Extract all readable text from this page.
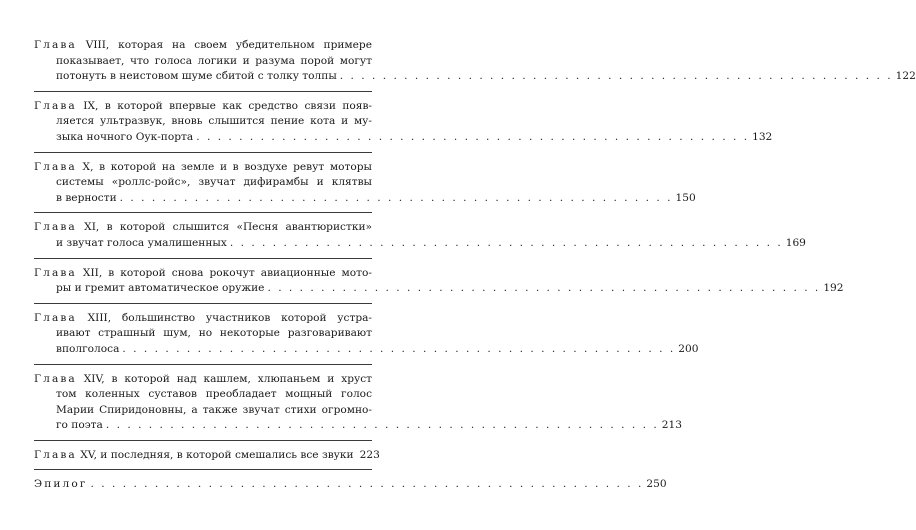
Глава VIII, которая на своем убедительном примере
показывает, что голоса логики и разума порой могут
потонуть в неистовом шуме сбитой с толку толпы . . . . . . . . . . . . . . . . . . . . . . . . . . . . . . . . . . . . . . . . . . . . . . . . . . . . 122
Глава IX, в которой впервые как средство связи появ-
ляется ультразвук, вновь слышится пение кота и му-
зыка ночного Оук-порта . . . . . . . . . . . . . . . . . . . . . . . . . . . . . . . . . . . . . . . . . . . . . . . . . . . . 132
Глава X, в которой на земле и в воздухе ревут моторы
системы «роллс-ройс», звучат дифирамбы и клятвы
в верности . . . . . . . . . . . . . . . . . . . . . . . . . . . . . . . . . . . . . . . . . . . . . . . . . . . . 150
Глава XI, в которой слышится «Песня авантюристки»
и звучат голоса умалишенных . . . . . . . . . . . . . . . . . . . . . . . . . . . . . . . . . . . . . . . . . . . . . . . . . . . . 169
Глава XII, в которой снова рокочут авиационные мото-
ры и гремит автоматическое оружие . . . . . . . . . . . . . . . . . . . . . . . . . . . . . . . . . . . . . . . . . . . . . . . . . . . . 192
Глава XIII, большинство участников которой устра-
ивают страшный шум, но некоторые разговаривают
вполголоса . . . . . . . . . . . . . . . . . . . . . . . . . . . . . . . . . . . . . . . . . . . . . . . . . . . . 200
Глава XIV, в которой над кашлем, хлюпаньем и хруст
том коленных суставов преобладает мощный голос
Марии Спиридоновны, а также звучат стихи огромно-
го поэта . . . . . . . . . . . . . . . . . . . . . . . . . . . . . . . . . . . . . . . . . . . . . . . . . . . . 213
Глава XV, и последняя, в которой смешались все звуки 223
Эпилог . . . . . . . . . . . . . . . . . . . . . . . . . . . . . . . . . . . . . . . . . . . . . . . . . . . . 250
